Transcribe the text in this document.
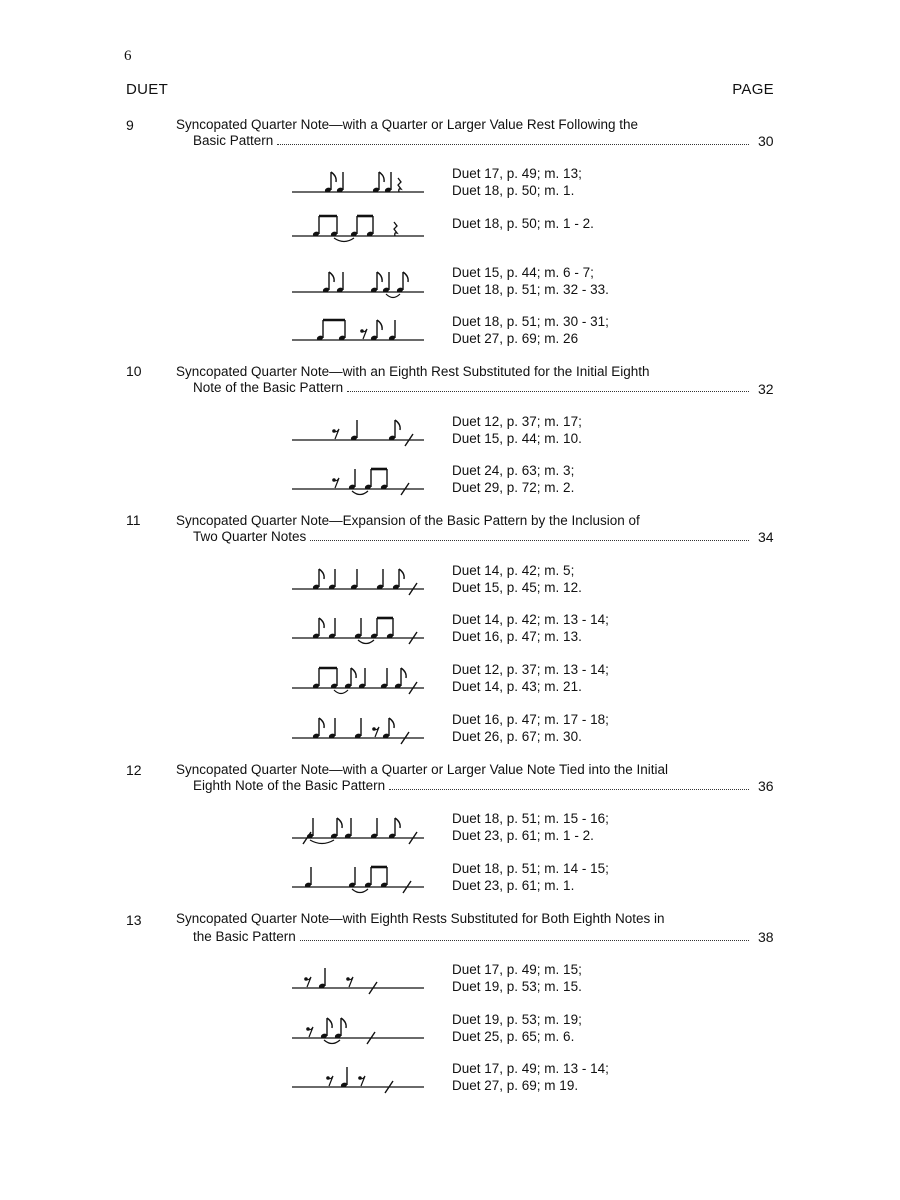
6
DUET	PAGE
9	Syncopated Quarter Note—with a Quarter or Larger Value Rest Following the
Basic Pattern	30
Duet 17, p. 49; m. 13;
Duet 18, p. 50; m. 1.
Duet 18, p. 50; m. 1 - 2.
Duet 15, p. 44; m. 6 - 7;
Duet 18, p. 51; m. 32 - 33.
Duet 18, p. 51; m. 30 - 31;
Duet 27, p. 69; m. 26
10	Syncopated Quarter Note—with an Eighth Rest Substituted for the Initial Eighth
Note of the Basic Pattern	32
Duet 12, p. 37; m. 17;
Duet 15, p. 44; m. 10.
Duet 24, p. 63; m. 3;
Duet 29, p. 72; m. 2.
11	Syncopated Quarter Note—Expansion of the Basic Pattern by the Inclusion of
Two Quarter Notes	34
Duet 14, p. 42; m. 5;
Duet 15, p. 45; m. 12.
Duet 14, p. 42; m. 13 - 14;
Duet 16, p. 47; m. 13.
Duet 12, p. 37; m. 13 - 14;
Duet 14, p. 43; m. 21.
Duet 16, p. 47; m. 17 - 18;
Duet 26, p. 67; m. 30.
12	Syncopated Quarter Note—with a Quarter or Larger Value Note Tied into the Initial
Eighth Note of the Basic Pattern	36
Duet 18, p. 51; m. 15 - 16;
Duet 23, p. 61; m. 1 - 2.
Duet 18, p. 51; m. 14 - 15;
Duet 23, p. 61; m. 1.
13	Syncopated Quarter Note—with Eighth Rests Substituted for Both Eighth Notes in
the Basic Pattern	38
Duet 17, p. 49; m. 15;
Duet 19, p. 53; m. 15.
Duet 19, p. 53; m. 19;
Duet 25, p. 65; m. 6.
Duet 17, p. 49; m. 13 - 14;
Duet 27, p. 69; m 19.
